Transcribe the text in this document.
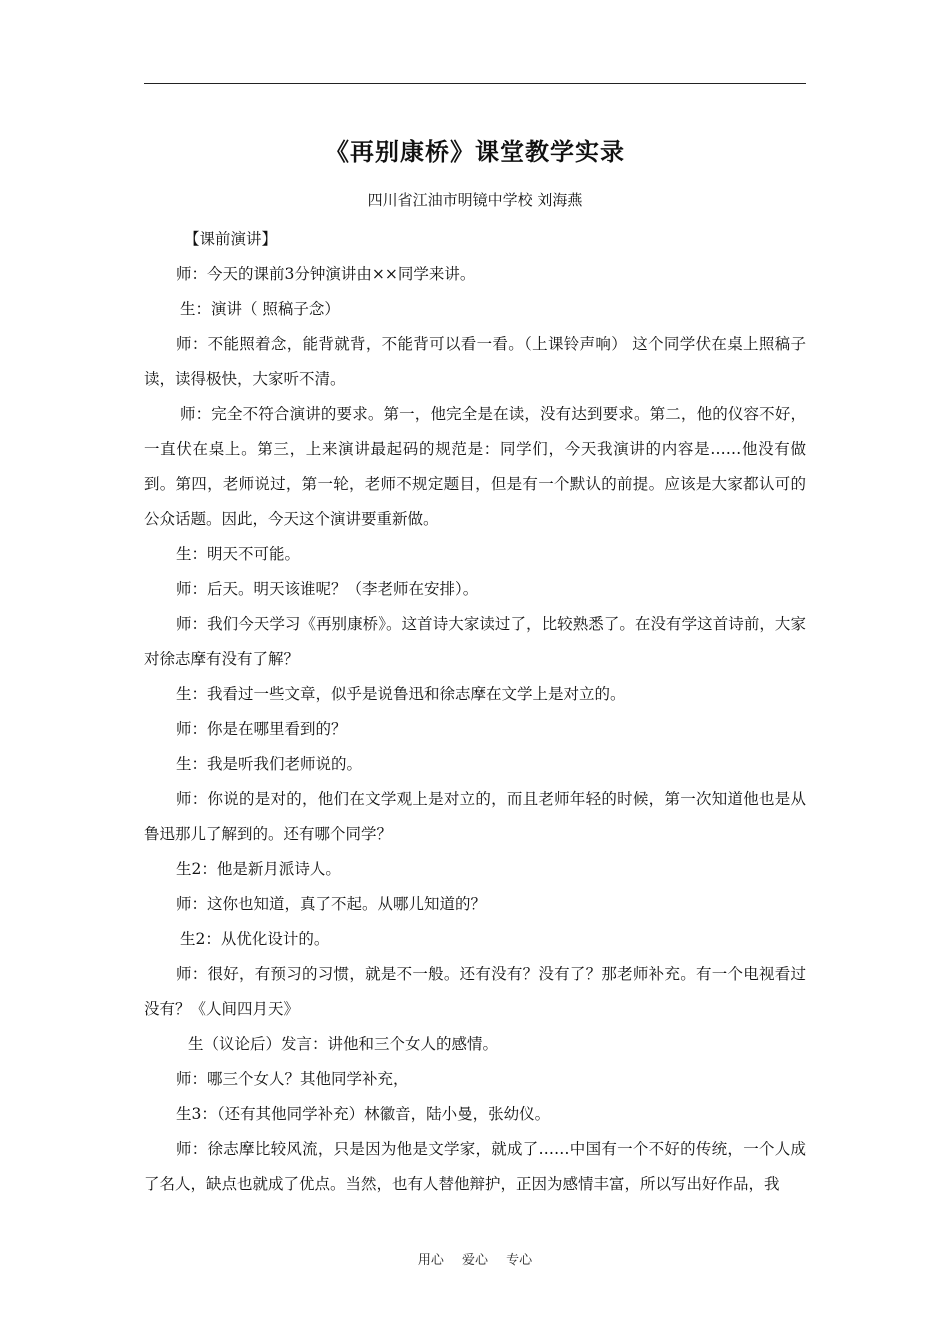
《再别康桥》课堂教学实录
四川省江油市明镜中学校 刘海燕

【课前演讲】

师：今天的课前3分钟演讲由××同学来讲。

生：演讲（ 照稿子念）

师：不能照着念，能背就背，不能背可以看一看。（上课铃声响） 这个同学伏在桌上照稿子读，读得极快，大家听不清。

师：完全不符合演讲的要求。第一，他完全是在读，没有达到要求。第二，他的仪容不好，一直伏在桌上。第三，上来演讲最起码的规范是：同学们，今天我演讲的内容是……他没有做到。第四，老师说过，第一轮，老师不规定题目，但是有一个默认的前提。应该是大家都认可的公众话题。因此，今天这个演讲要重新做。

生：明天不可能。

师：后天。明天该谁呢？（李老师在安排）。

师：我们今天学习《再别康桥》。这首诗大家读过了，比较熟悉了。在没有学这首诗前，大家对徐志摩有没有了解？

生：我看过一些文章，似乎是说鲁迅和徐志摩在文学上是对立的。

师：你是在哪里看到的？

生：我是听我们老师说的。

师：你说的是对的，他们在文学观上是对立的，而且老师年轻的时候，第一次知道他也是从鲁迅那儿了解到的。还有哪个同学？

生2：他是新月派诗人。

师：这你也知道，真了不起。从哪儿知道的？

生2：从优化设计的。

师：很好，有预习的习惯，就是不一般。还有没有？没有了？那老师补充。有一个电视看过没有？《人间四月天》

生（议论后）发言：讲他和三个女人的感情。

师：哪三个女人？其他同学补充，

生3：（还有其他同学补充）林徽音，陆小曼，张幼仪。

师：徐志摩比较风流，只是因为他是文学家，就成了……中国有一个不好的传统，一个人成了名人，缺点也就成了优点。当然，也有人替他辩护，正因为感情丰富，所以写出好作品，我

用心 爱心 专心
